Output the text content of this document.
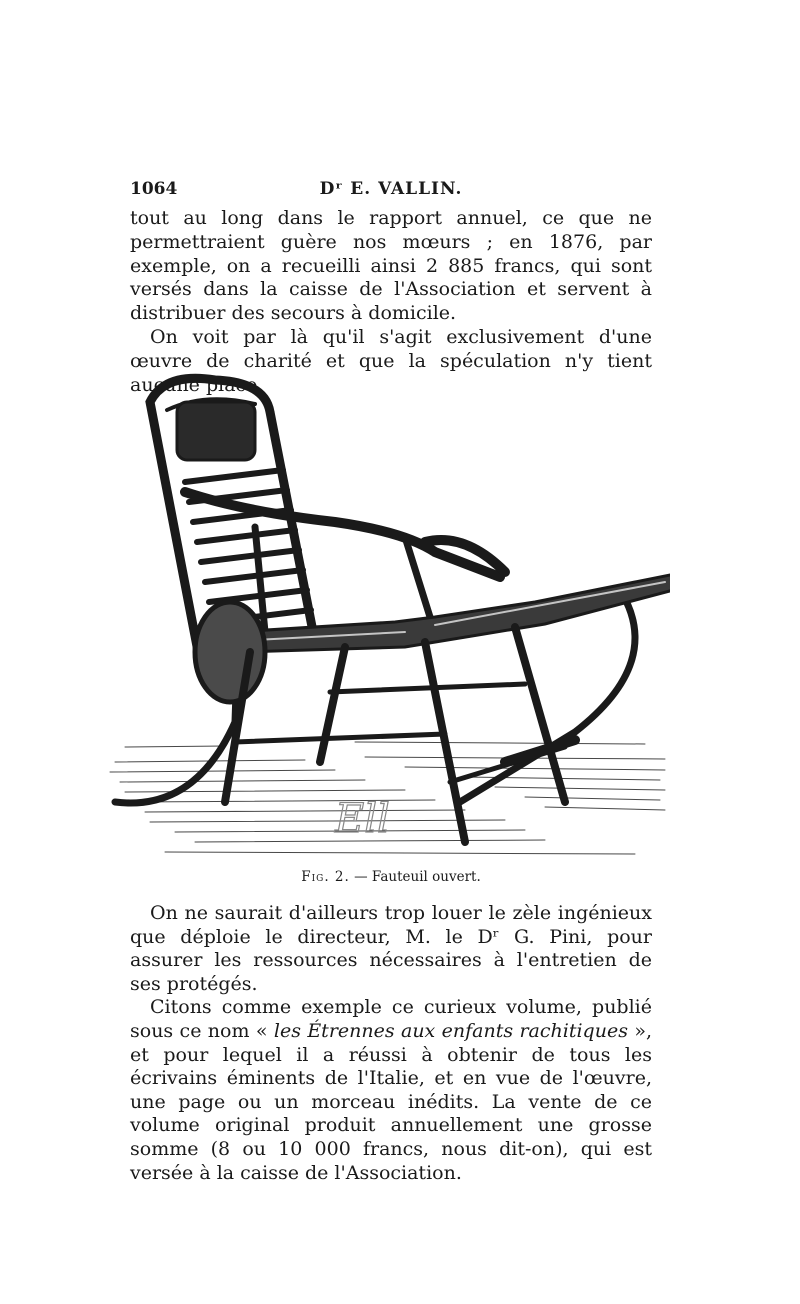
1064	Dʳ E. VALLIN.

tout au long dans le rapport annuel, ce que ne permettraient guère nos mœurs ; en 1876, par exemple, on a recueilli ainsi 2 885 francs, qui sont versés dans la caisse de l'Association et servent à distribuer des secours à domicile.

On voit par là qu'il s'agit exclusivement d'une œuvre de charité et que la spéculation n'y tient aucune place.

Ell
Fig. 2. — Fauteuil ouvert.

On ne saurait d'ailleurs trop louer le zèle ingénieux que déploie le directeur, M. le Dʳ G. Pini, pour assurer les ressources nécessaires à l'entretien de ses protégés.

Citons comme exemple ce curieux volume, publié sous ce nom « les Étrennes aux enfants rachitiques », et pour lequel il a réussi à obtenir de tous les écrivains éminents de l'Italie, et en vue de l'œuvre, une page ou un morceau inédits. La vente de ce volume original produit annuellement une grosse somme (8 ou 10 000 francs, nous dit-on), qui est versée à la caisse de l'Association.
